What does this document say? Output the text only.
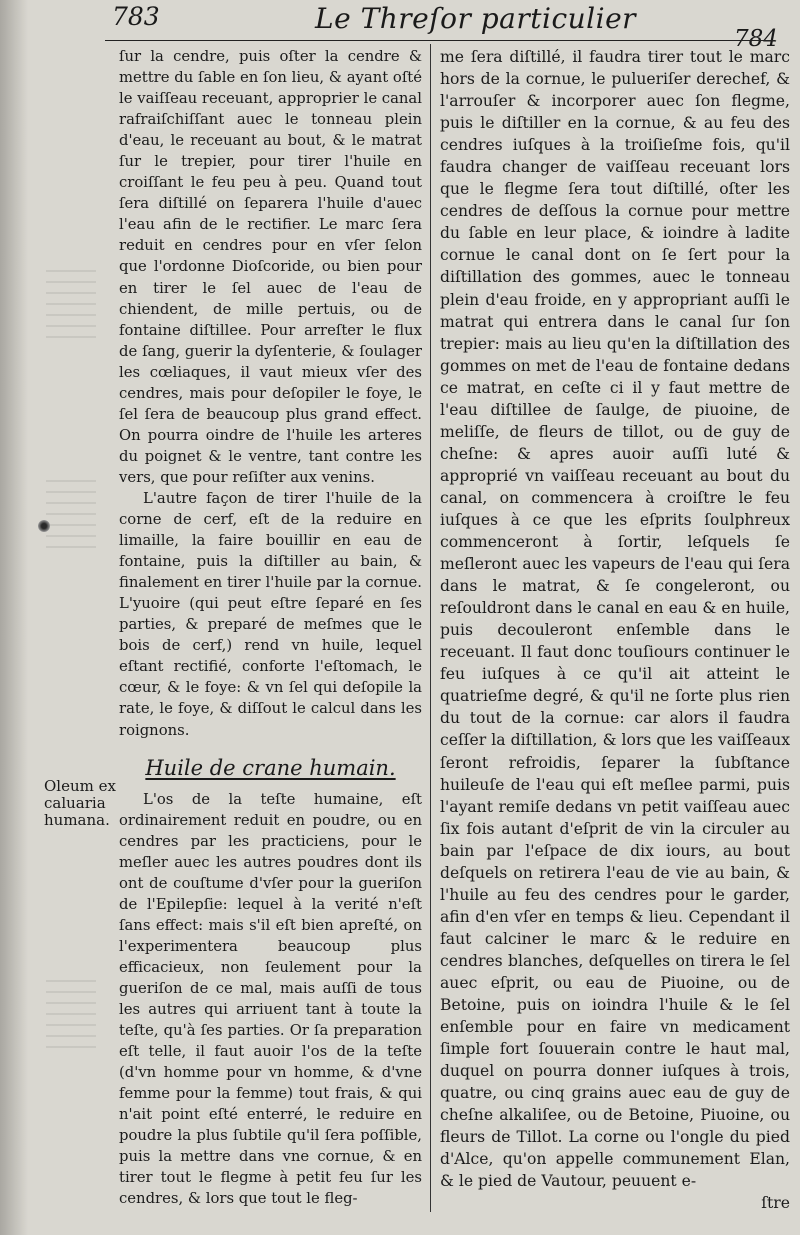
783	Le Threſor particulier
784
Oleum ex
caluaria
humana.

ſur la cendre, puis oſter la cendre & mettre du ſable en ſon lieu, & ayant oſté le vaiſſeau receuant, approprier le canal rafraiſchiſſant auec le tonneau plein d'eau, le receuant au bout, & le matrat ſur le trepier, pour tirer l'huile en croiſſant le feu peu à peu. Quand tout ſera diſtillé on ſeparera l'huile d'auec l'eau afin de le rectifier. Le marc ſera reduit en cendres pour en vſer ſelon que l'ordonne Dioſcoride, ou bien pour en tirer le ſel auec de l'eau de chiendent, de mille pertuis, ou de fontaine diſtillee. Pour arreſter le flux de ſang, guerir la dyſenterie, & ſoulager les cœliaques, il vaut mieux vſer des cendres, mais pour deſopiler le foye, le ſel ſera de beaucoup plus grand effect. On pourra oindre de l'huile les arteres du poignet & le ventre, tant contre les vers, que pour reſiſter aux venins.

L'autre façon de tirer l'huile de la corne de cerf, eſt de la reduire en limaille, la faire bouillir en eau de fontaine, puis la diſtiller au bain, & finalement en tirer l'huile par la cornue. L'yuoire (qui peut eſtre ſeparé en ſes parties, & preparé de meſmes que le bois de cerf,) rend vn huile, lequel eſtant rectifié, conforte l'eſtomach, le cœur, & le foye: & vn ſel qui deſopile la rate, le foye, & diſſout le calcul dans les roignons.

Huile de crane humain.

L'os de la teſte humaine, eſt ordinairement reduit en poudre, ou en cendres par les practiciens, pour le meſler auec les autres poudres dont ils ont de couſtume d'vſer pour la gueriſon de l'Epilepſie: lequel à la verité n'eſt ſans effect: mais s'il eſt bien apreſté, on l'experimentera beaucoup plus efficacieux, non ſeulement pour la gueriſon de ce mal, mais auſſi de tous les autres qui arriuent tant à toute la teſte, qu'à ſes parties. Or ſa preparation eſt telle, il faut auoir l'os de la teſte (d'vn homme pour vn homme, & d'vne femme pour la femme) tout frais, & qui n'ait point eſté enterré, le reduire en poudre la plus ſubtile qu'il ſera poſſible, puis la mettre dans vne cornue, & en tirer tout le flegme à petit feu ſur les cendres, & lors que tout le fleg-

me ſera diſtillé, il faudra tirer tout le marc hors de la cornue, le pulueriſer derechef, & l'arrouſer & incorporer auec ſon flegme, puis le diſtiller en la cornue, & au feu des cendres iuſques à la troiſieſme fois, qu'il faudra changer de vaiſſeau receuant lors que le flegme ſera tout diſtillé, oſter les cendres de deſſous la cornue pour mettre du ſable en leur place, & ioindre à ladite cornue le canal dont on ſe ſert pour la diſtillation des gommes, auec le tonneau plein d'eau froide, en y appropriant auſſi le matrat qui entrera dans le canal ſur ſon trepier: mais au lieu qu'en la diſtillation des gommes on met de l'eau de fontaine dedans ce matrat, en ceſte ci il y faut mettre de l'eau diſtillee de ſaulge, de piuoine, de meliſſe, de fleurs de tillot, ou de guy de cheſne: & apres auoir auſſi luté & approprié vn vaiſſeau receuant au bout du canal, on commencera à croiſtre le feu iuſques à ce que les eſprits ſoulphreux commenceront à ſortir, leſquels ſe meſleront auec les vapeurs de l'eau qui ſera dans le matrat, & ſe congeleront, ou reſouldront dans le canal en eau & en huile, puis decouleront enſemble dans le receuant. Il faut donc touſiours continuer le feu iuſques à ce qu'il ait atteint le quatrieſme degré, & qu'il ne ſorte plus rien du tout de la cornue: car alors il faudra ceſſer la diſtillation, & lors que les vaiſſeaux ſeront refroidis, ſeparer la ſubſtance huileuſe de l'eau qui eſt meſlee parmi, puis l'ayant remiſe dedans vn petit vaiſſeau auec ſix fois autant d'eſprit de vin la circuler au bain par l'eſpace de dix iours, au bout deſquels on retirera l'eau de vie au bain, & l'huile au feu des cendres pour le garder, afin d'en vſer en temps & lieu. Cependant il faut calciner le marc & le reduire en cendres blanches, deſquelles on tirera le ſel auec eſprit, ou eau de Piuoine, ou de Betoine, puis on ioindra l'huile & le ſel enſemble pour en faire vn medicament ſimple fort ſouuerain contre le haut mal, duquel on pourra donner iuſques à trois, quatre, ou cinq grains auec eau de guy de cheſne alkaliſee, ou de Betoine, Piuoine, ou fleurs de Tillot. La corne ou l'ongle du pied d'Alce, qu'on appelle communement Elan, & le pied de Vautour, peuuent e-

ſtre
